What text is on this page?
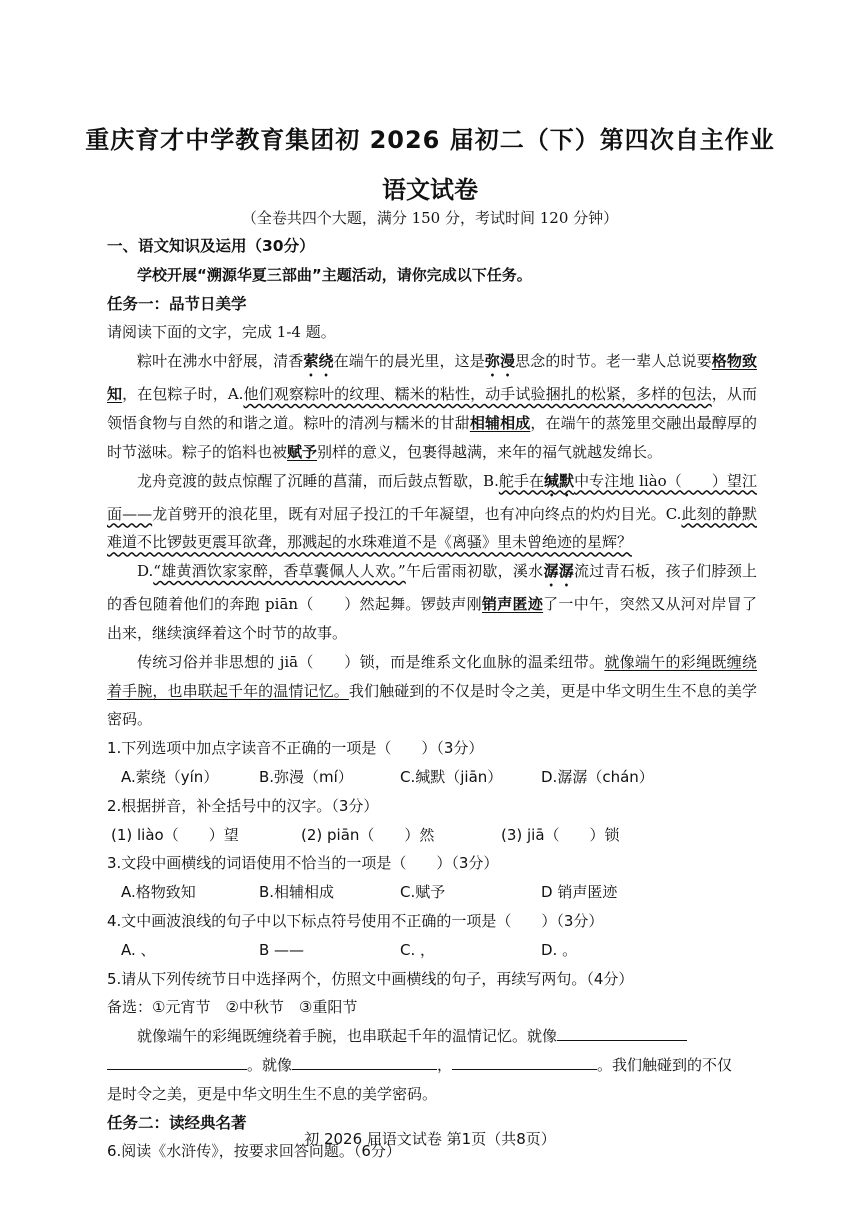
重庆育才中学教育集团初 2026 届初二（下）第四次自主作业
语文试卷
（全卷共四个大题，满分 150 分，考试时间 120 分钟）
一、语文知识及运用（30分）
学校开展“溯源华夏三部曲”主题活动，请你完成以下任务。
任务一：品节日美学
请阅读下面的文字，完成 1-4 题。
粽叶在沸水中舒展，清香萦绕在端午的晨光里，这是弥漫思念的时节。老一辈人总说要格物致知，在包粽子时，A.他们观察粽叶的纹理、糯米的粘性，动手试验捆扎的松紧，多样的包法，从而领悟食物与自然的和谐之道。粽叶的清冽与糯米的甘甜相辅相成，在端午的蒸笼里交融出最醇厚的时节滋味。粽子的馅料也被赋予别样的意义，包裹得越满，来年的福气就越发绵长。
龙舟竞渡的鼓点惊醒了沉睡的菖蒲，而后鼓点暂歇，B.舵手在缄默中专注地 liào（　　）望江面——龙首劈开的浪花里，既有对屈子投江的千年凝望，也有冲向终点的灼灼目光。C.此刻的静默难道不比锣鼓更震耳欲聋，那溅起的水珠难道不是《离骚》里未曾绝迹的星辉？
D.“雄黄酒饮家家醉，香草囊佩人人欢。”午后雷雨初歇，溪水潺潺流过青石板，孩子们脖颈上的香包随着他们的奔跑 piān（　　）然起舞。锣鼓声刚销声匿迹了一中午，突然又从河对岸冒了出来，继续演绎着这个时节的故事。
传统习俗并非思想的 jiā（　　）锁，而是维系文化血脉的温柔纽带。就像端午的彩绳既缠绕着手腕，也串联起千年的温情记忆。我们触碰到的不仅是时令之美，更是中华文明生生不息的美学密码。
1.下列选项中加点字读音不正确的一项是（　　）（3分）
A.萦绕（yín）	B.弥漫（mí）	C.缄默（jiān）	D.潺潺（chán）
2.根据拼音，补全括号中的汉字。（3分）
(1) liào（　　）望	(2) piān（　　）然	(3) jiā（　　）锁
3.文段中画横线的词语使用不恰当的一项是（　　）（3分）
A.格物致知	B.相辅相成	C.赋予	D 销声匿迹
4.文中画波浪线的句子中以下标点符号使用不正确的一项是（　　）（3分）
A. 、	B ——	C. ，	D. 。
5.请从下列传统节日中选择两个，仿照文中画横线的句子，再续写两句。（4分）
备选：①元宵节　②中秋节　③重阳节
就像端午的彩绳既缠绕着手腕，也串联起千年的温情记忆。就像
。就像	，	。我们触碰到的不仅
是时令之美，更是中华文明生生不息的美学密码。
任务二：读经典名著
6.阅读《水浒传》，按要求回答问题。（6分）
初 2026 届语文试卷 第1页（共8页）
